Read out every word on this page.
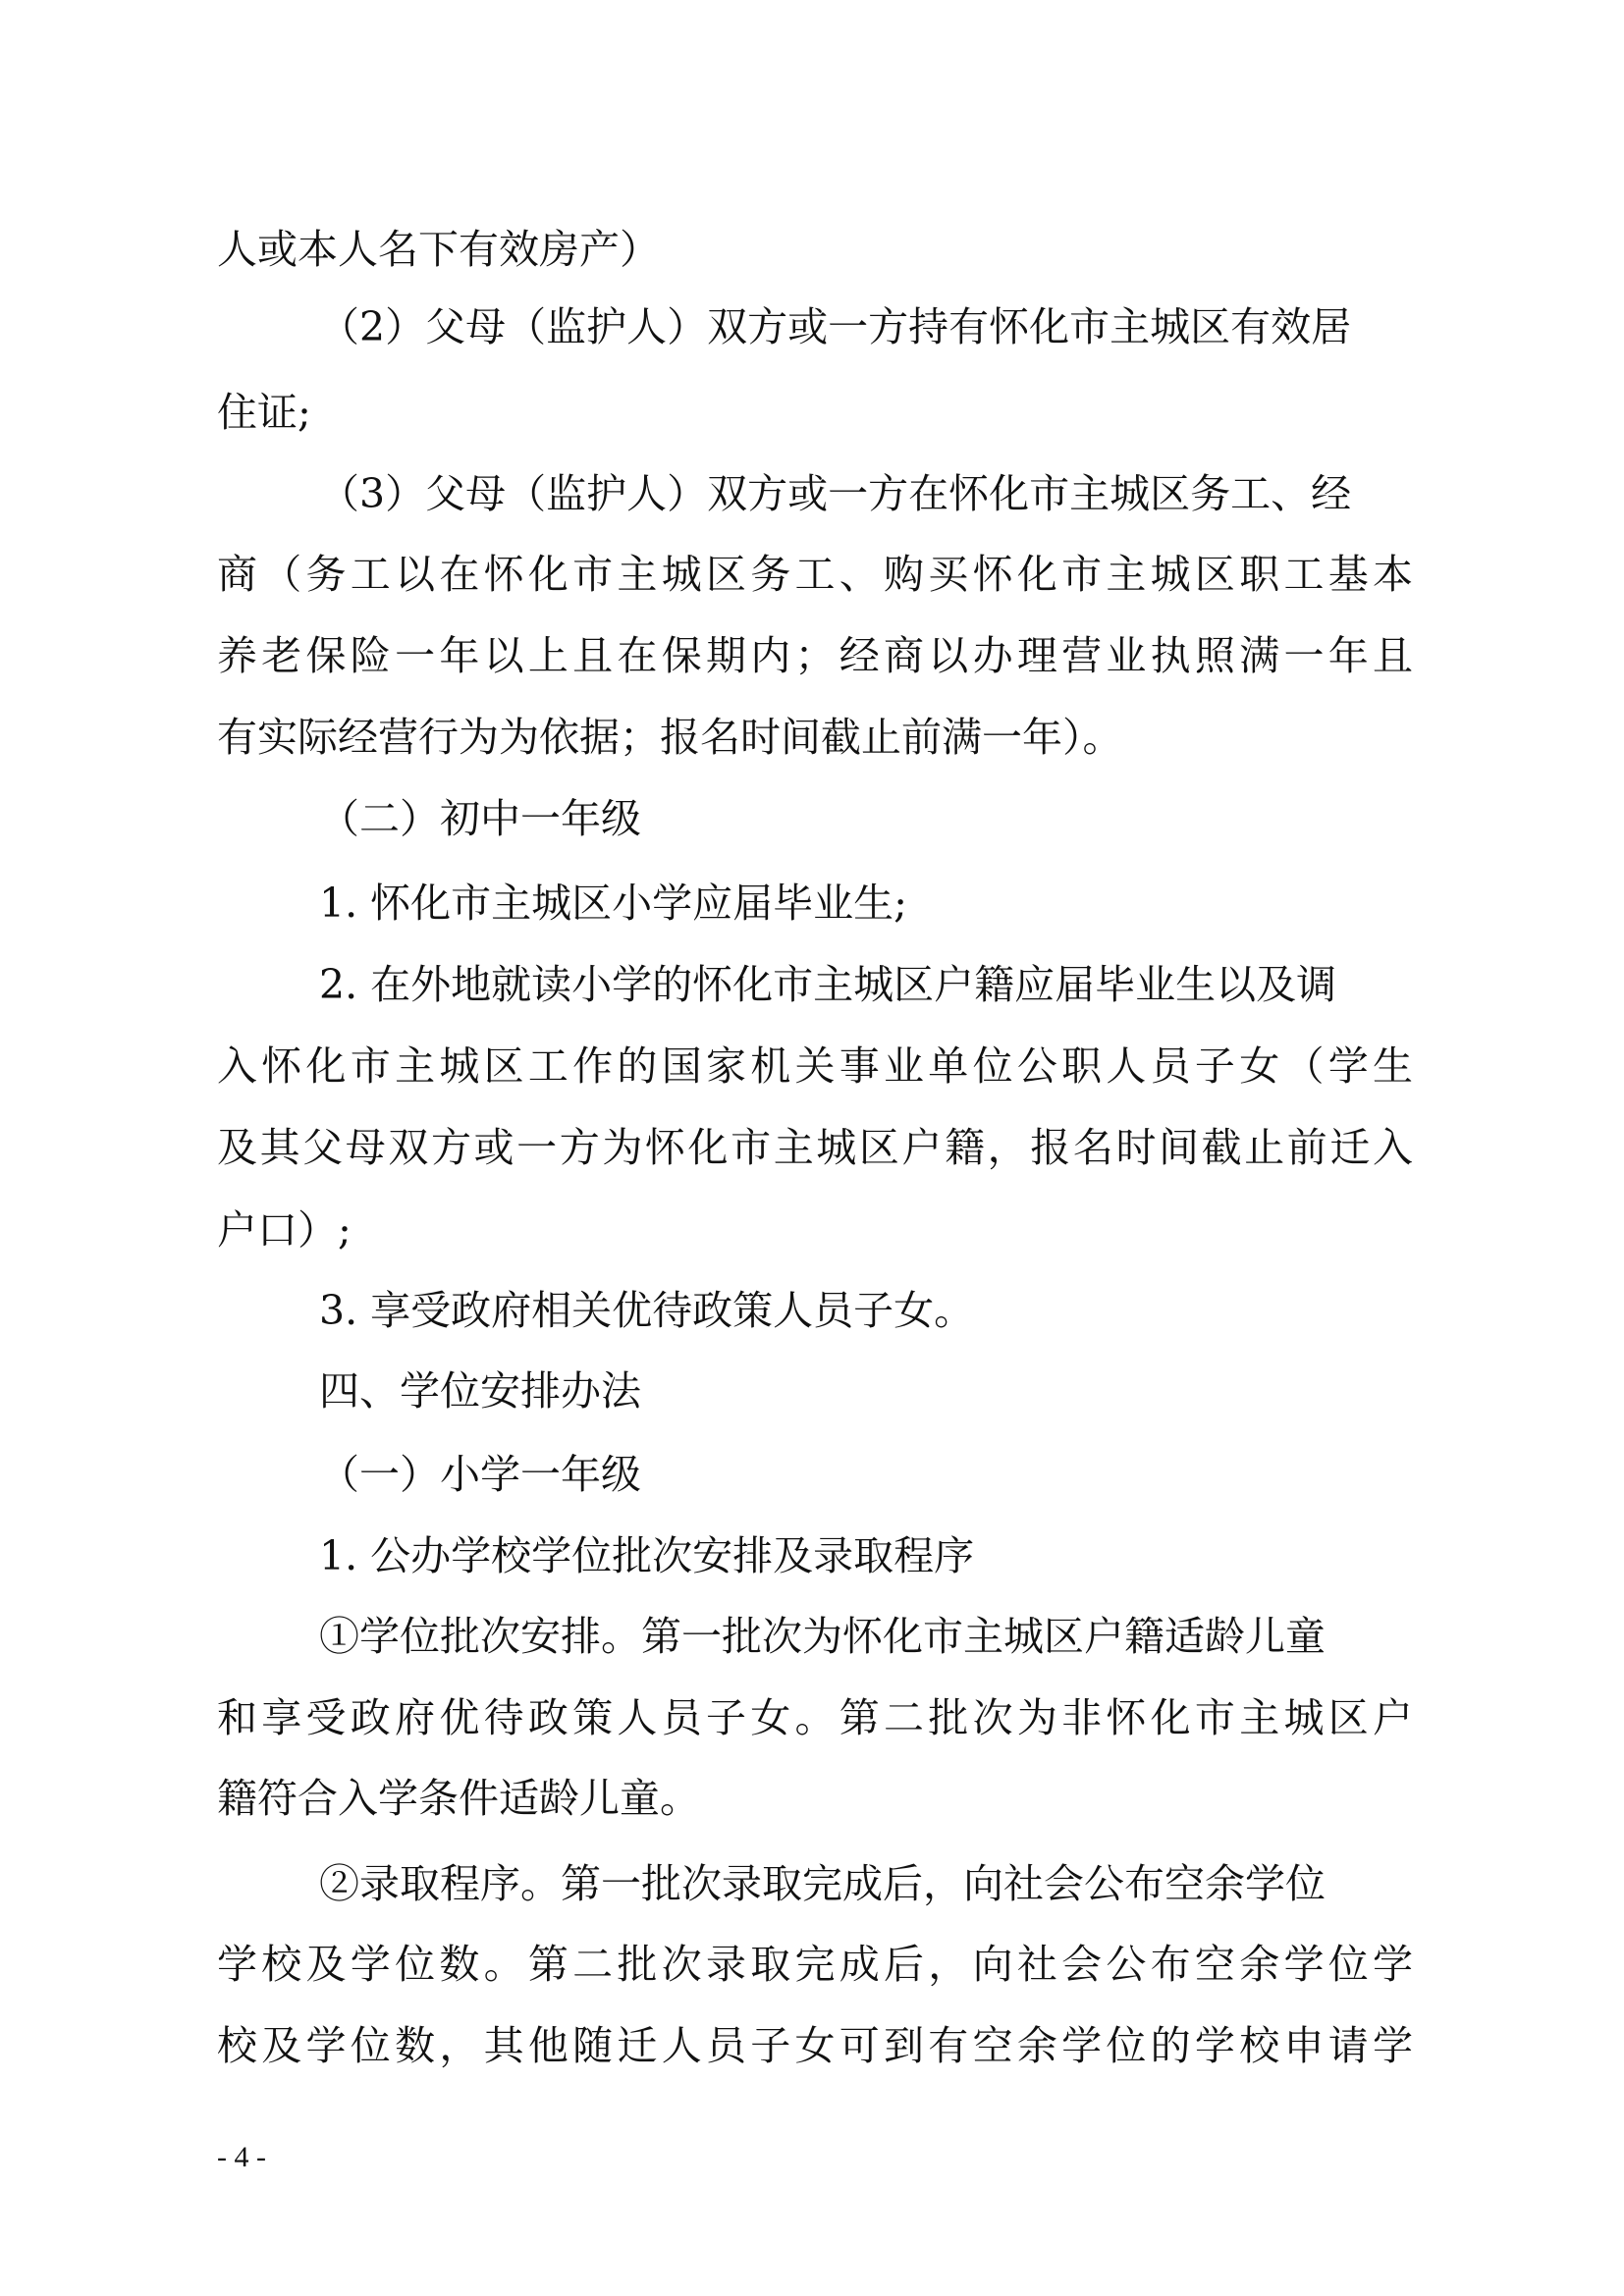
人或本人名下有效房产）
（2）父母（监护人）双方或一方持有怀化市主城区有效居
住证;
（3）父母（监护人）双方或一方在怀化市主城区务工、经
商（务工以在怀化市主城区务工、购买怀化市主城区职工基本
养老保险一年以上且在保期内；经商以办理营业执照满一年且
有实际经营行为为依据；报名时间截止前满一年）。
（二）初中一年级
1. 怀化市主城区小学应届毕业生;
2. 在外地就读小学的怀化市主城区户籍应届毕业生以及调
入怀化市主城区工作的国家机关事业单位公职人员子女（学生
及其父母双方或一方为怀化市主城区户籍，报名时间截止前迁入
户口）;
3. 享受政府相关优待政策人员子女。
四、学位安排办法
（一）小学一年级
1. 公办学校学位批次安排及录取程序
①学位批次安排。第一批次为怀化市主城区户籍适龄儿童
和享受政府优待政策人员子女。第二批次为非怀化市主城区户
籍符合入学条件适龄儿童。
②录取程序。第一批次录取完成后，向社会公布空余学位
学校及学位数。第二批次录取完成后，向社会公布空余学位学
校及学位数，其他随迁人员子女可到有空余学位的学校申请学
- 4 -
